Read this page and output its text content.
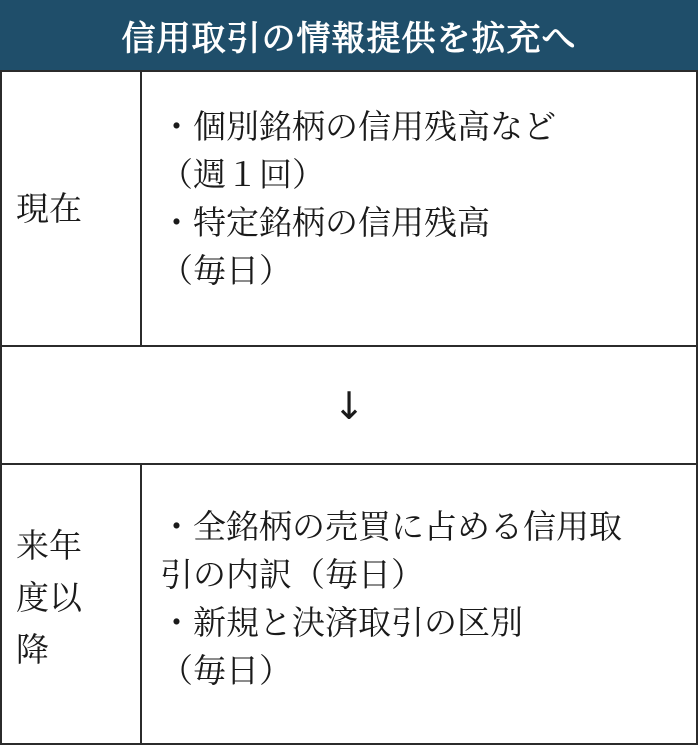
信用取引の情報提供を拡充へ
現在
・個別銘柄の信用残高など
（週１回）
・特定銘柄の信用残高
（毎日）
↓
来年
度以
降
・全銘柄の売買に占める信用取
引の内訳（毎日）
・新規と決済取引の区別
（毎日）
